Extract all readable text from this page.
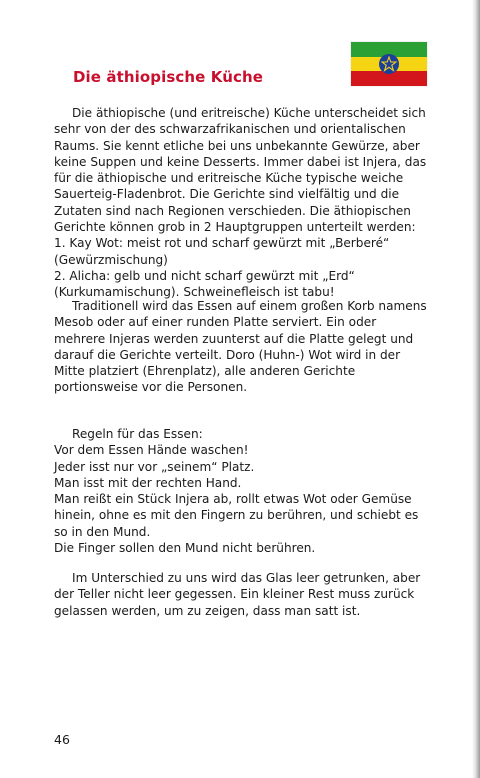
Die äthiopische Küche

Die äthiopische (und eritreische) Küche unterscheidet sich sehr von der des schwarzafrikanischen und orientalischen Raums. Sie kennt etliche bei uns unbekannte Gewürze, aber keine Suppen und keine Desserts. Immer dabei ist Injera, das für die äthiopische und eritreische Küche typische weiche Sauerteig-Fladenbrot. Die Gerichte sind vielfältig und die Zutaten sind nach Regionen verschieden. Die äthiopischen Gerichte können grob in 2 Hauptgruppen unterteilt werden:

1. Kay Wot: meist rot und scharf gewürzt mit „Berberé“ (Gewürzmischung)

2. Alicha: gelb und nicht scharf gewürzt mit „Erd“ (Kurkumamischung). Schweinefleisch ist tabu!

Traditionell wird das Essen auf einem großen Korb namens Mesob oder auf einer runden Platte serviert. Ein oder mehrere Injeras werden zuunterst auf die Platte gelegt und darauf die Gerichte verteilt. Doro (Huhn-) Wot wird in der Mitte platziert (Ehrenplatz), alle anderen Gerichte portionsweise vor die Personen.

Regeln für das Essen:

Vor dem Essen Hände waschen!

Jeder isst nur vor „seinem“ Platz.

Man isst mit der rechten Hand.

Man reißt ein Stück Injera ab, rollt etwas Wot oder Gemüse hinein, ohne es mit den Fingern zu berühren, und schiebt es so in den Mund.

Die Finger sollen den Mund nicht berühren.

Im Unterschied zu uns wird das Glas leer getrunken, aber der Teller nicht leer gegessen. Ein kleiner Rest muss zurück gelassen werden, um zu zeigen, dass man satt ist.

46
